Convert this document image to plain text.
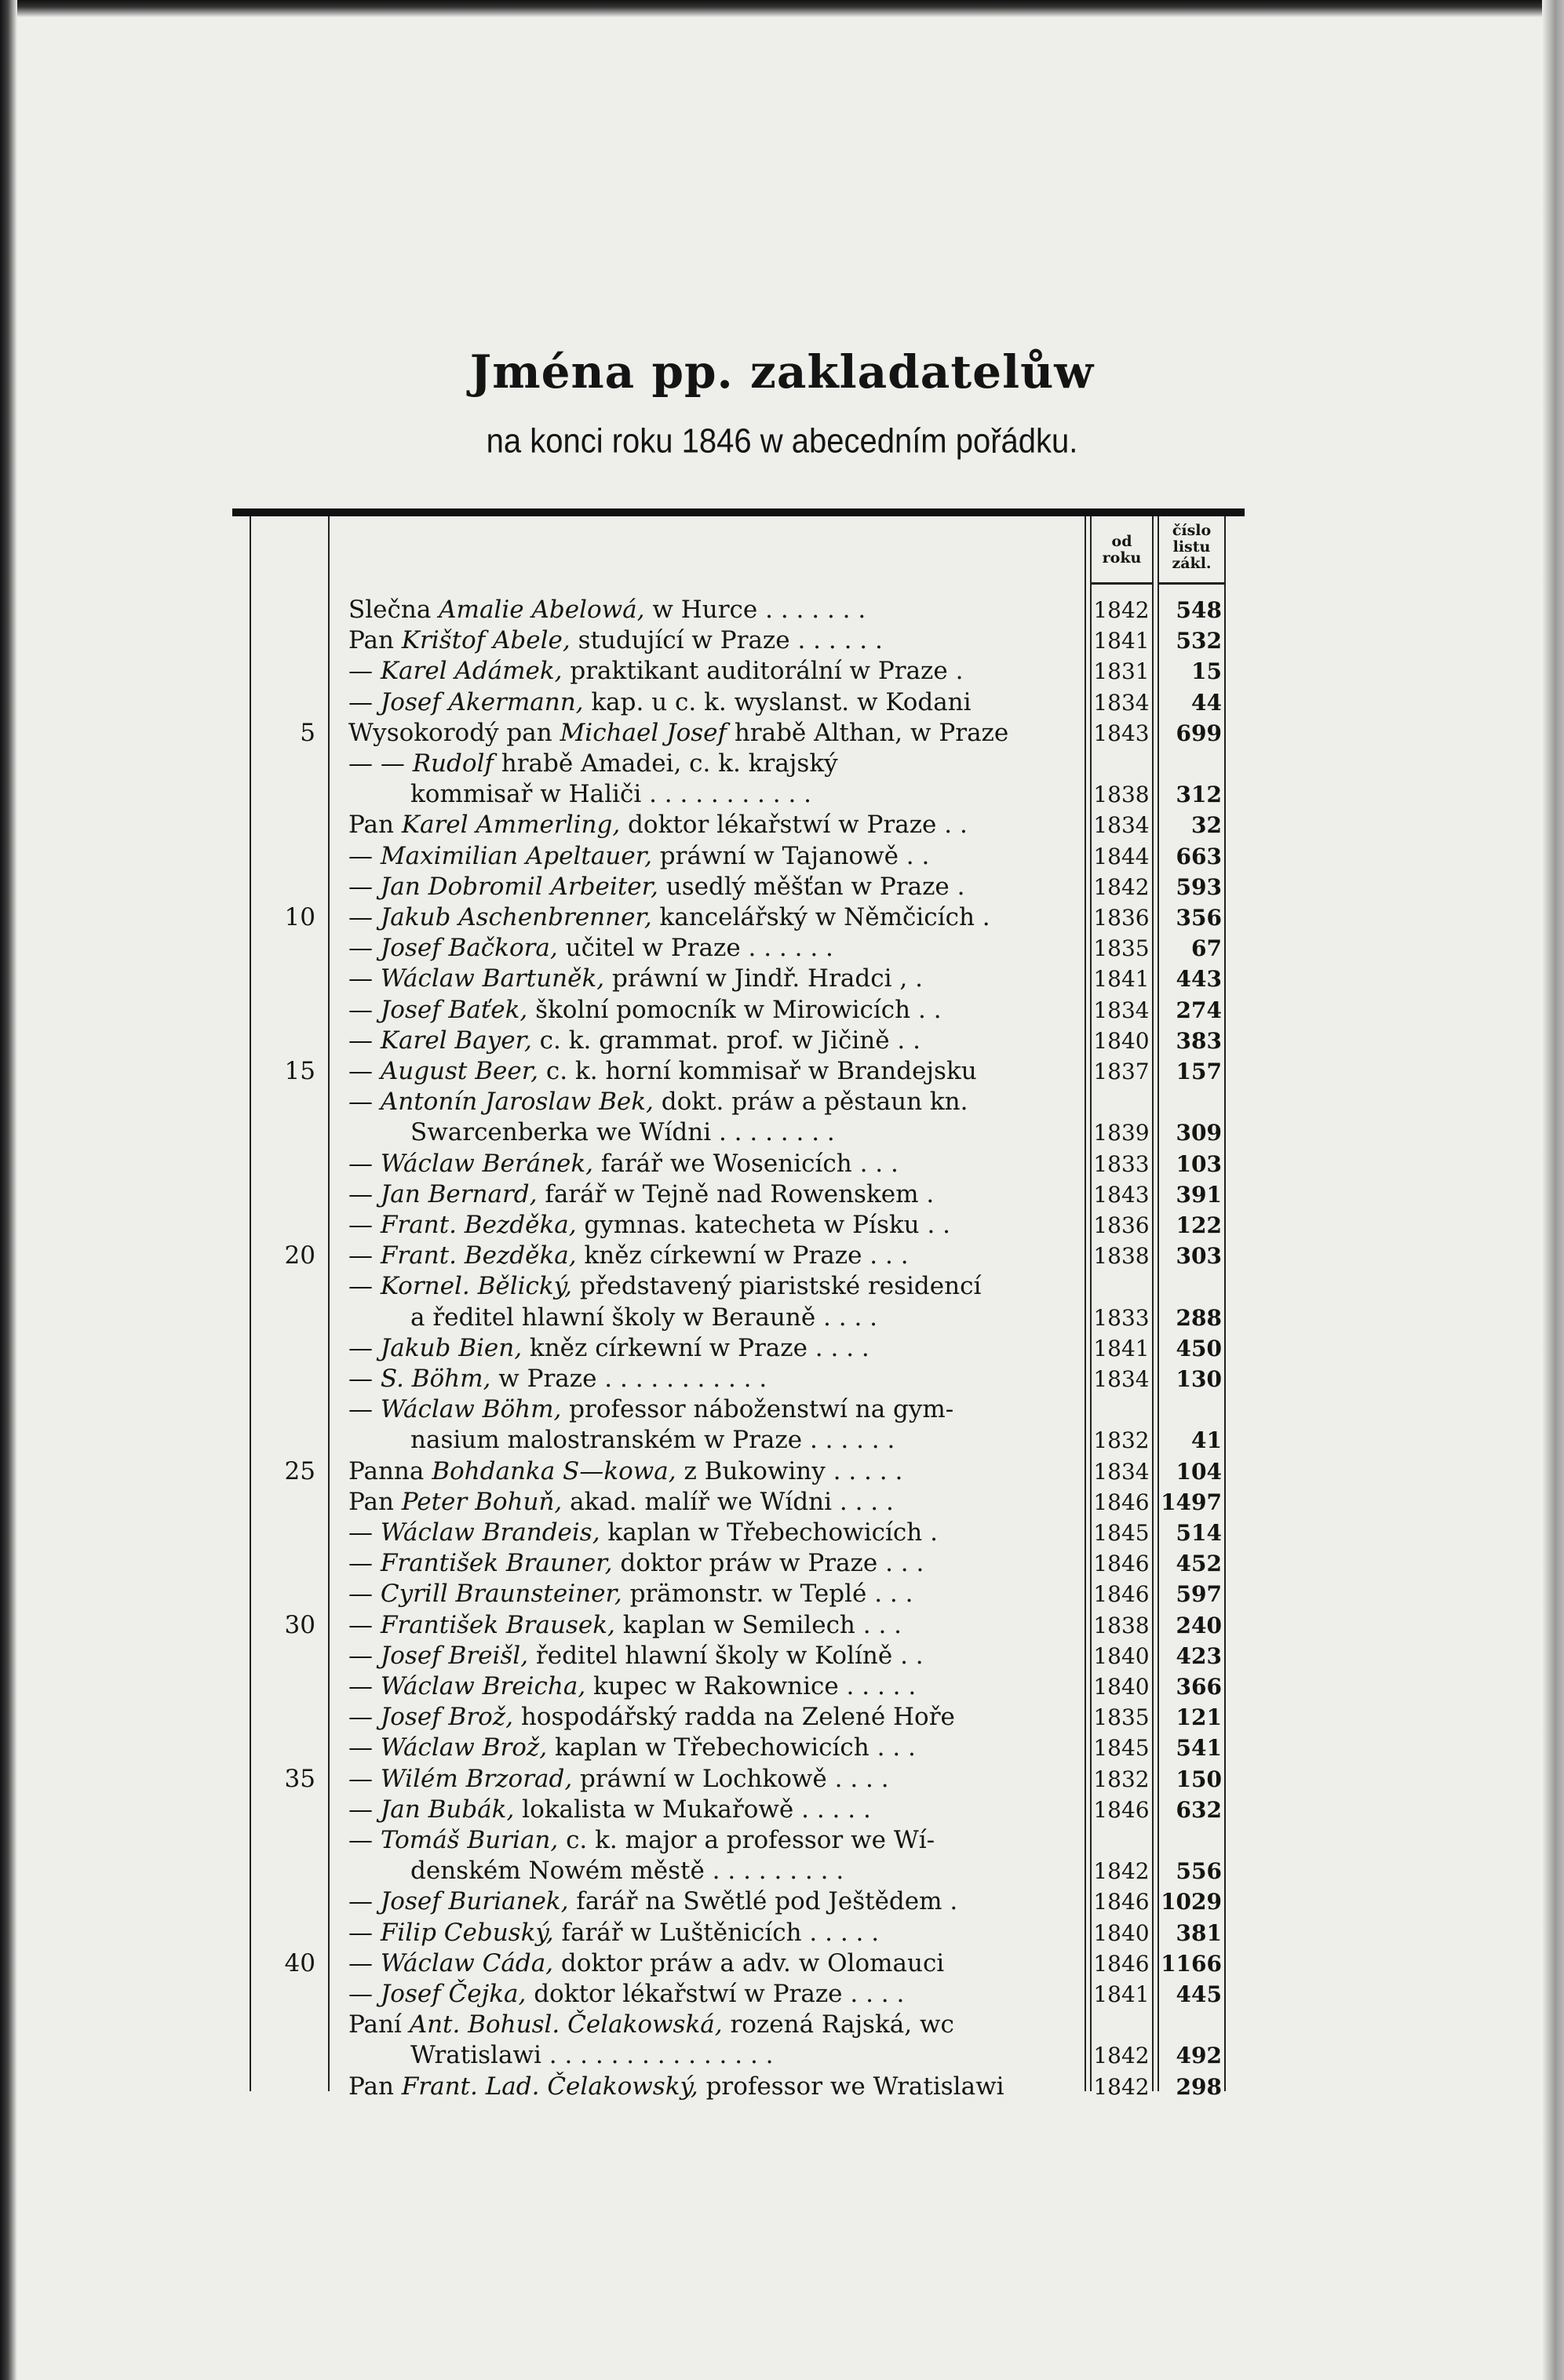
Jména pp. zakladatelůw
na konci roku 1846 w abecedním pořádku.
od
roku
číslo
listu
zákl.
Slečna Amalie Abelowá, w Hurce . . . . . . .	1842	548
Pan Krištof Abele, studující w Praze . . . . . .	1841	532
— Karel Adámek, praktikant auditorální w Praze .	1831	15
— Josef Akermann, kap. u c. k. wyslanst. w Kodani	1834	44
5 Wysokorodý pan Michael Josef hrabě Althan, w Praze	1843	699
— — Rudolf hrabě Amadei, c. k. krajský
kommisař w Haliči . . . . . . . . . . .	1838	312
Pan Karel Ammerling, doktor lékařstwí w Praze . .	1834	32
— Maximilian Apeltauer, práwní w Tajanowě . .	1844	663
— Jan Dobromil Arbeiter, usedlý měšťan w Praze .	1842	593
10 — Jakub Aschenbrenner, kancelářský w Němčicích .	1836	356
— Josef Bačkora, učitel w Praze . . . . . .	1835	67
— Wáclaw Bartuněk, práwní w Jindř. Hradci , .	1841	443
— Josef Baťek, školní pomocník w Mirowicích . .	1834	274
— Karel Bayer, c. k. grammat. prof. w Jičině . .	1840	383
15 — August Beer, c. k. horní kommisař w Brandejsku	1837	157
— Antonín Jaroslaw Bek, dokt. práw a pěstaun kn.
Swarcenberka we Wídni . . . . . . . .	1839	309
— Wáclaw Beránek, farář we Wosenicích . . .	1833	103
— Jan Bernard, farář w Tejně nad Rowenskem .	1843	391
— Frant. Bezděka, gymnas. katecheta w Písku . .	1836	122
20 — Frant. Bezděka, kněz církewní w Praze . . .	1838	303
— Kornel. Bělický, představený piaristské residencí
a ředitel hlawní školy w Berauně . . . .	1833	288
— Jakub Bien, kněz církewní w Praze . . . .	1841	450
— S. Böhm, w Praze . . . . . . . . . . .	1834	130
— Wáclaw Böhm, professor náboženstwí na gym-
nasium malostranském w Praze . . . . . .	1832	41
25 Panna Bohdanka S—kowa, z Bukowiny . . . . .	1834	104
Pan Peter Bohuň, akad. malíř we Wídni . . . .	1846 1497
— Wáclaw Brandeis, kaplan w Třebechowicích .	1845	514
— František Brauner, doktor práw w Praze . . .	1846	452
— Cyrill Braunsteiner, prämonstr. w Teplé . . .	1846	597
30 — František Brausek, kaplan w Semilech . . .	1838	240
— Josef Breišl, ředitel hlawní školy w Kolíně . .	1840	423
— Wáclaw Breicha, kupec w Rakownice . . . . .	1840	366
— Josef Brož, hospodářský radda na Zelené Hoře	1835	121
— Wáclaw Brož, kaplan w Třebechowicích . . .	1845	541
35 — Wilém Brzorad, práwní w Lochkowě . . . .	1832	150
— Jan Bubák, lokalista w Mukařowě . . . . .	1846	632
— Tomáš Burian, c. k. major a professor we Wí-
denském Nowém městě . . . . . . . . .	1842	556
— Josef Burianek, farář na Swětlé pod Ještědem .	1846 1029
— Filip Cebuský, farář w Luštěnicích . . . . .	1840	381
40 — Wáclaw Cáda, doktor práw a adv. w Olomauci	1846 1166
— Josef Čejka, doktor lékařstwí w Praze . . . .	1841	445
Paní Ant. Bohusl. Čelakowská, rozená Rajská, wc
Wratislawi . . . . . . . . . . . . . . .	1842	492
Pan Frant. Lad. Čelakowský, professor we Wratislawi	1842	298
